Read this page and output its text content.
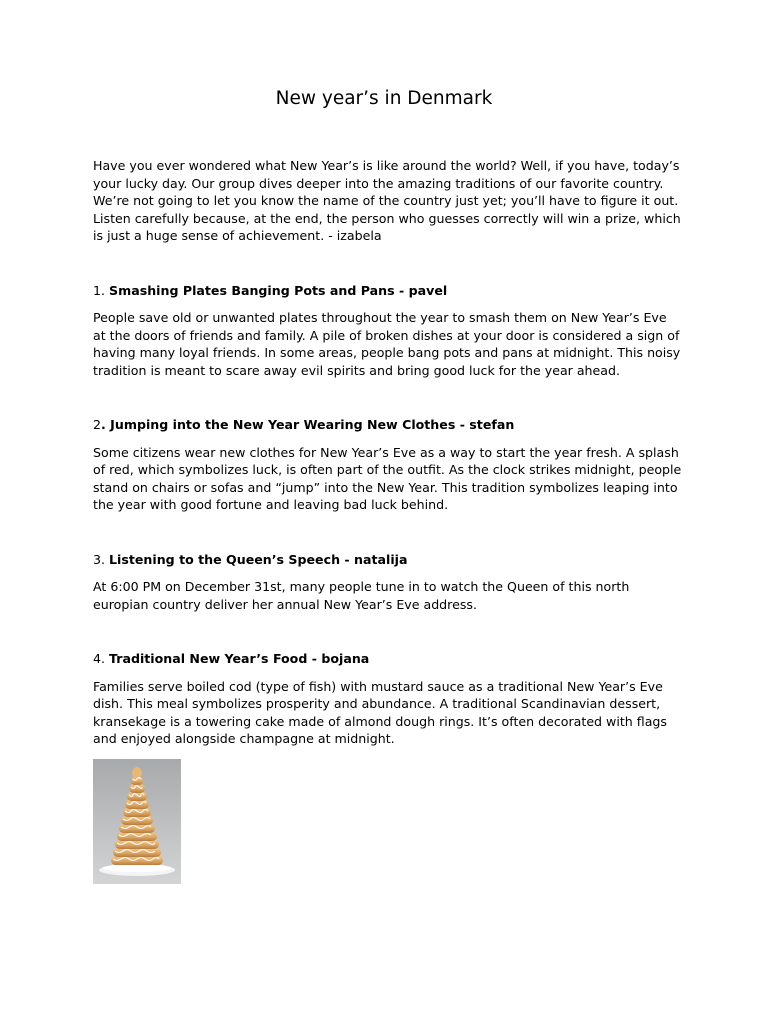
New year’s in Denmark

Have you ever wondered what New Year’s is like around the world? Well, if you have, today’s your lucky day. Our group dives deeper into the amazing traditions of our favorite country. We’re not going to let you know the name of the country just yet; you’ll have to figure it out. Listen carefully because, at the end, the person who guesses correctly will win a prize, which is just a huge sense of achievement. - izabela

1. Smashing Plates Banging Pots and Pans - pavel

People save old or unwanted plates throughout the year to smash them on New Year’s Eve at the doors of friends and family. A pile of broken dishes at your door is considered a sign of having many loyal friends. In some areas, people bang pots and pans at midnight. This noisy tradition is meant to scare away evil spirits and bring good luck for the year ahead.

2. Jumping into the New Year Wearing New Clothes - stefan

Some citizens wear new clothes for New Year’s Eve as a way to start the year fresh. A splash of red, which symbolizes luck, is often part of the outfit. As the clock strikes midnight, people stand on chairs or sofas and “jump” into the New Year. This tradition symbolizes leaping into the year with good fortune and leaving bad luck behind.

3. Listening to the Queen’s Speech - natalija

At 6:00 PM on December 31st, many people tune in to watch the Queen of this north europian country deliver her annual New Year’s Eve address.

4. Traditional New Year’s Food - bojana

Families serve boiled cod (type of fish) with mustard sauce as a traditional New Year’s Eve dish. This meal symbolizes prosperity and abundance. A traditional Scandinavian dessert, kransekage is a towering cake made of almond dough rings. It’s often decorated with flags and enjoyed alongside champagne at midnight.
